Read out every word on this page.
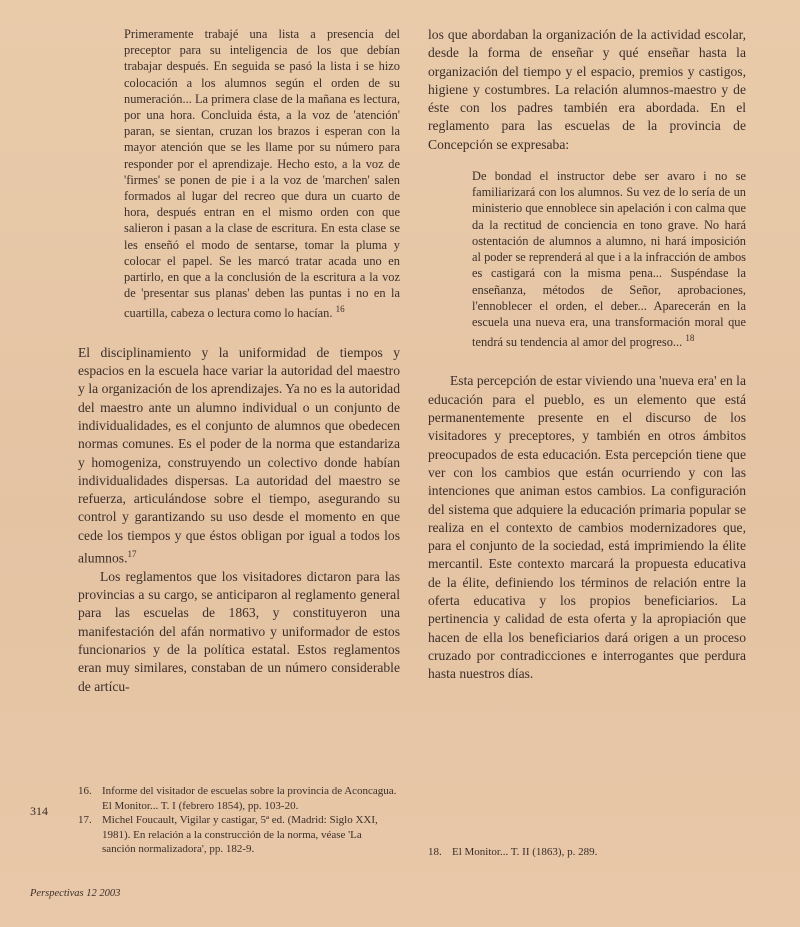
Primeramente trabajé una lista a presencia del preceptor para su inteligencia de los que debían trabajar después. En seguida se pasó la lista i se hizo colocación a los alumnos según el orden de su numeración... La primera clase de la mañana es lectura, por una hora. Concluida ésta, a la voz de 'atención' paran, se sientan, cruzan los brazos i esperan con la mayor atención que se les llame por su número para responder por el aprendizaje. Hecho esto, a la voz de 'firmes' se ponen de pie i a la voz de 'marchen' salen formados al lugar del recreo que dura un cuarto de hora, después entran en el mismo orden con que salieron i pasan a la clase de escritura. En esta clase se les enseñó el modo de sentarse, tomar la pluma y colocar el papel. Se les marcó tratar acada uno en partirlo, en que a la conclusión de la escritura a la voz de 'presentar sus planas' deben las puntas i no en la cuartilla, cabeza o lectura como lo hacían. $^{16}$

El disciplinamiento y la uniformidad de tiempos y espacios en la escuela hace variar la autoridad del maestro y la organización de los aprendizajes. Ya no es la autoridad del maestro ante un alumno individual o un conjunto de individualidades, es el conjunto de alumnos que obedecen normas comunes. Es el poder de la norma que estandariza y homogeniza, construyendo un colectivo donde habían individualidades dispersas. La autoridad del maestro se refuerza, articulándose sobre el tiempo, asegurando su control y garantizando su uso desde el momento en que cede los tiempos y que éstos obligan por igual a todos los alumnos.$^{17}$

Los reglamentos que los visitadores dictaron para las provincias a su cargo, se anticiparon al reglamento general para las escuelas de 1863, y constituyeron una manifestación del afán normativo y uniformador de estos funcionarios y de la política estatal. Estos reglamentos eran muy similares, constaban de un número considerable de artícu-

los que abordaban la organización de la actividad escolar, desde la forma de enseñar y qué enseñar hasta la organización del tiempo y el espacio, premios y castigos, higiene y costumbres. La relación alumnos-maestro y de éste con los padres también era abordada. En el reglamento para las escuelas de la provincia de Concepción se expresaba:

De bondad el instructor debe ser avaro i no se familiarizará con los alumnos. Su vez de lo sería de un ministerio que ennoblece sin apelación i con calma que da la rectitud de conciencia en tono grave. No hará ostentación de alumnos a alumno, ni hará imposición al poder se reprenderá al que i a la infracción de ambos es castigará con la misma pena... Suspéndase la enseñanza, métodos de Señor, aprobaciones, l'ennoblecer el orden, el deber... Aparecerán en la escuela una nueva era, una transformación moral que tendrá su tendencia al amor del progreso... $^{18}$

Esta percepción de estar viviendo una 'nueva era' en la educación para el pueblo, es un elemento que está permanentemente presente en el discurso de los visitadores y preceptores, y también en otros ámbitos preocupados de esta educación. Esta percepción tiene que ver con los cambios que están ocurriendo y con las intenciones que animan estos cambios. La configuración del sistema que adquiere la educación primaria popular se realiza en el contexto de cambios modernizadores que, para el conjunto de la sociedad, está imprimiendo la élite mercantil. Este contexto marcará la propuesta educativa de la élite, definiendo los términos de relación entre la oferta educativa y los propios beneficiarios. La pertinencia y calidad de esta oferta y la apropiación que hacen de ella los beneficiarios dará origen a un proceso cruzado por contradicciones e interrogantes que perdura hasta nuestros días.

16. Informe del visitador de escuelas sobre la provincia de Aconcagua. El Monitor... T. I (febrero 1854), pp. 103-20.
17. Michel Foucault, Vigilar y castigar, 5ª ed. (Madrid: Siglo XXI, 1981). En relación a la construcción de la norma, véase 'La sanción normalizadora', pp. 182-9.	18. El Monitor... T. II (1863), p. 289.
314
Perspectivas 12 2003
